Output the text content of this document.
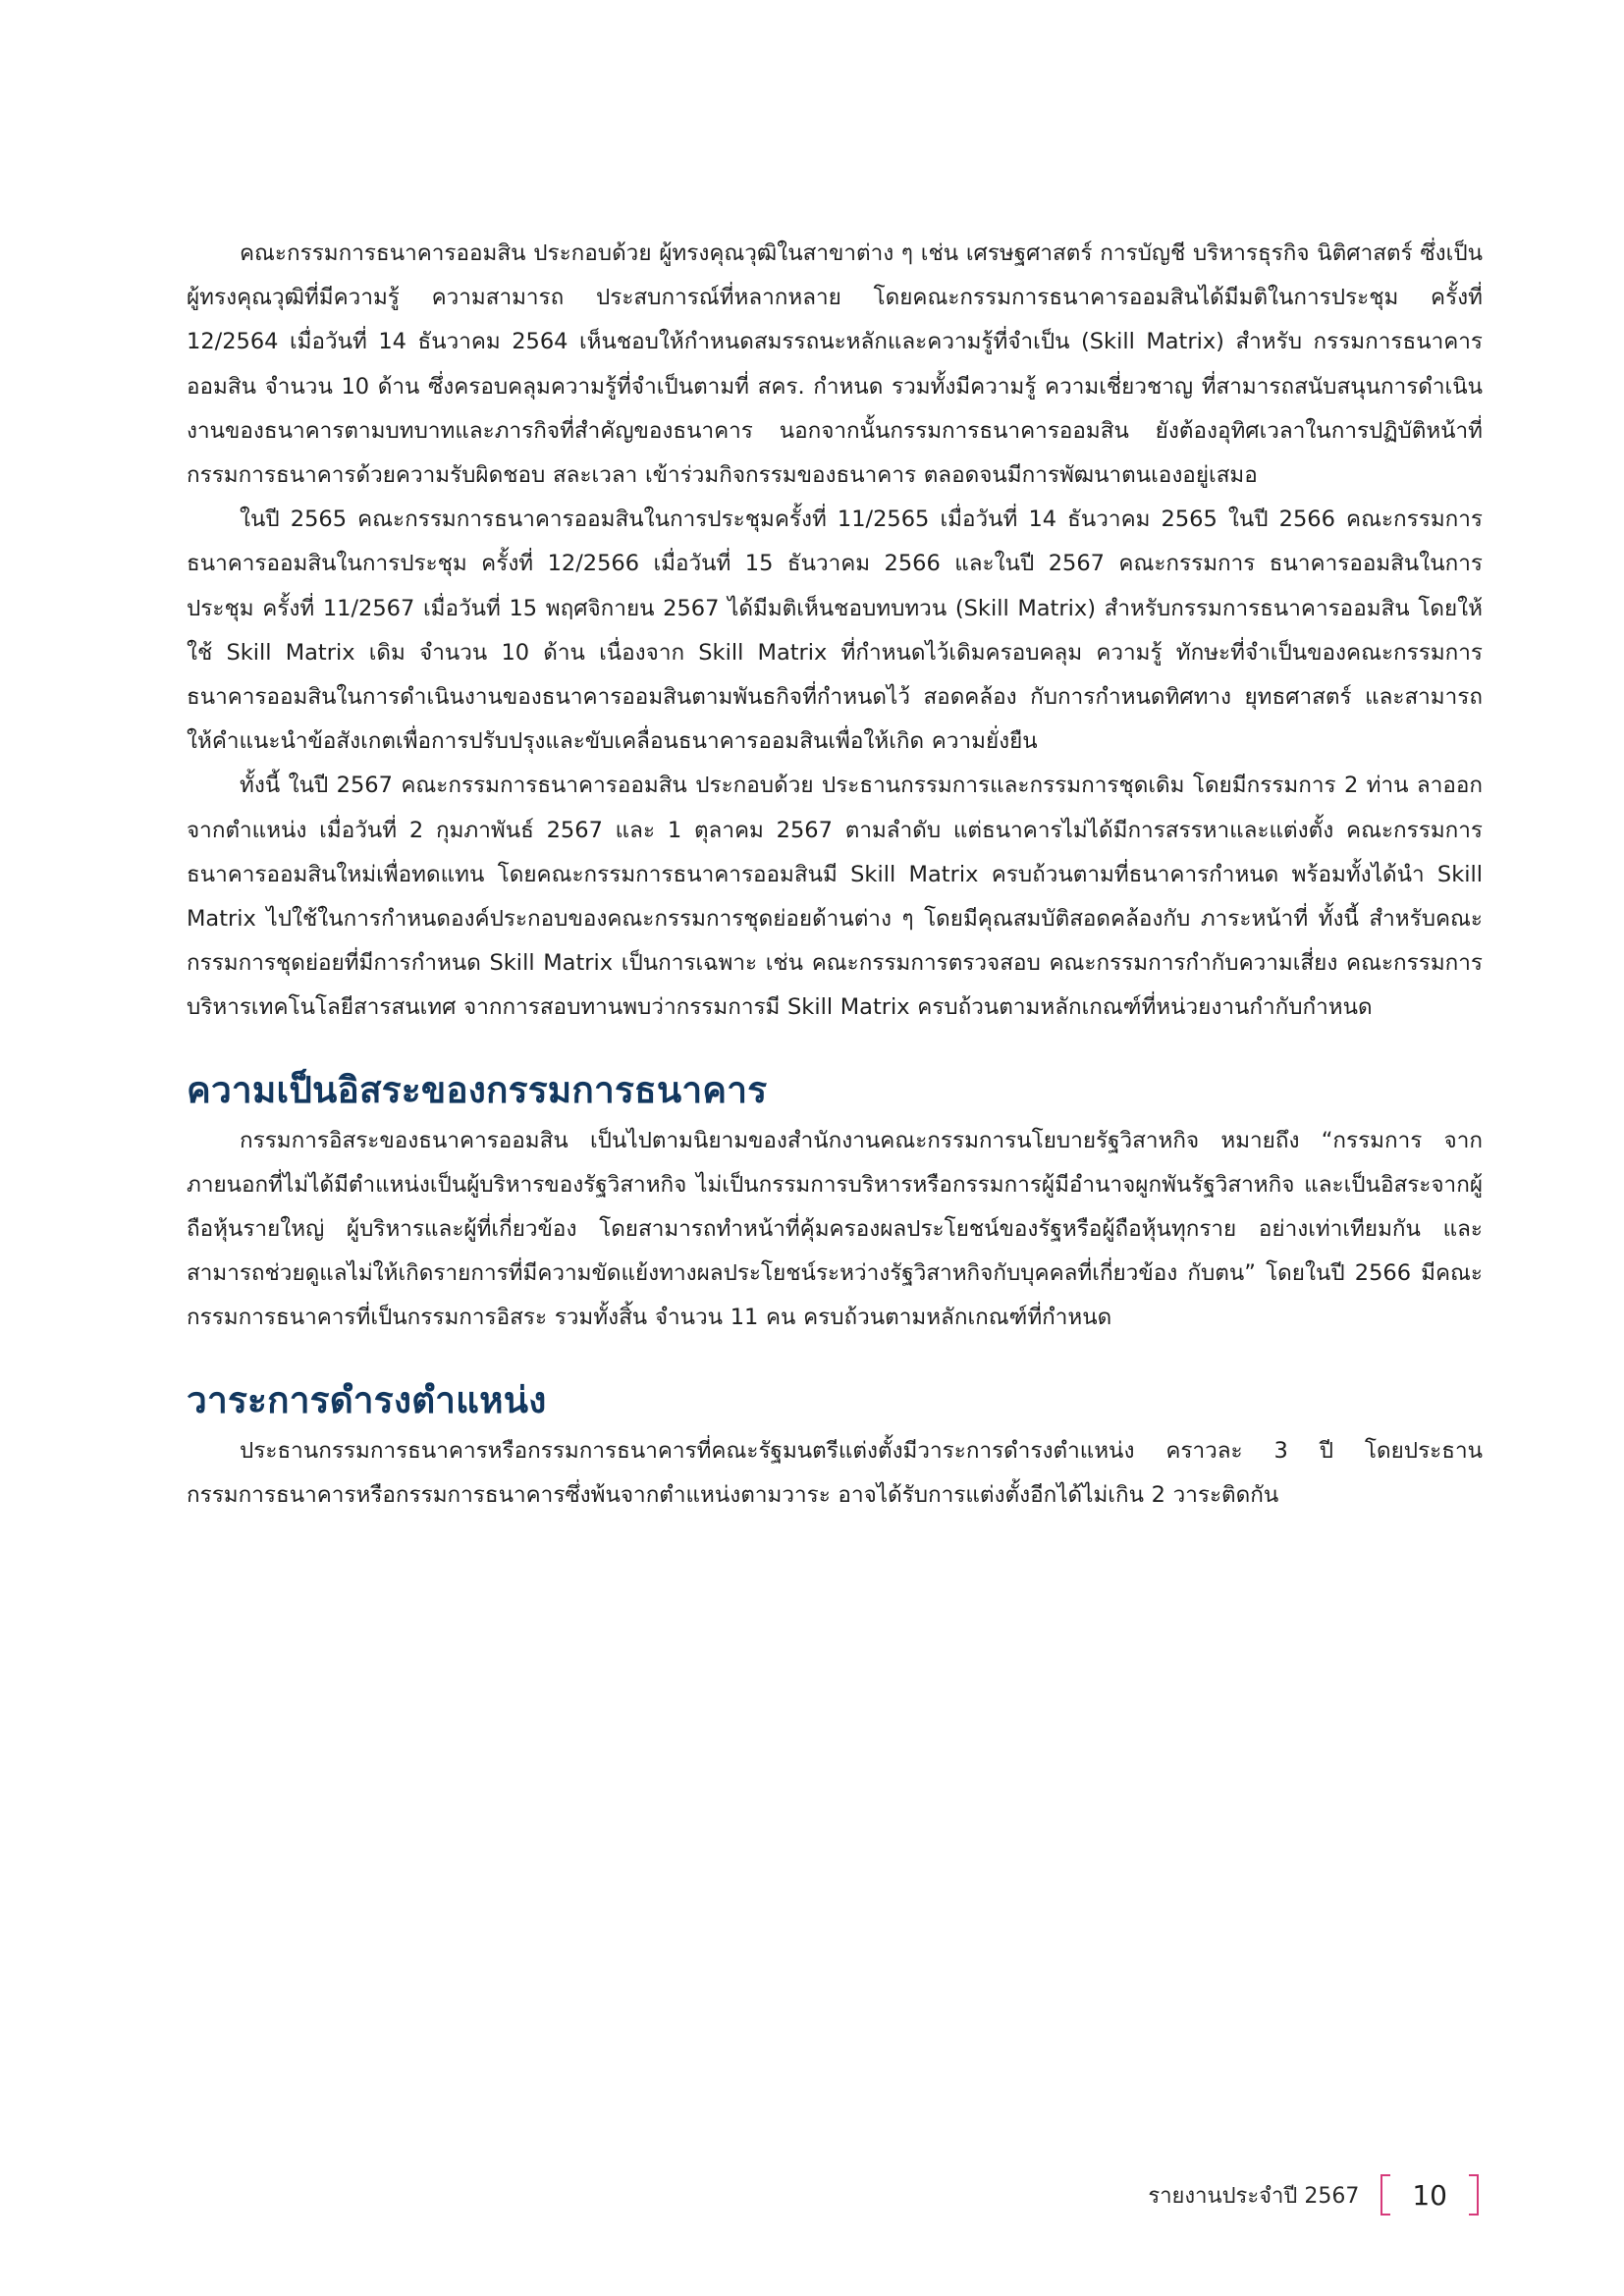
คณะกรรมการธนาคารออมสิน ประกอบด้วย ผู้ทรงคุณวุฒิในสาขาต่าง ๆ เช่น เศรษฐศาสตร์ การบัญชี บริหารธุรกิจ นิติศาสตร์ ซึ่งเป็นผู้ทรงคุณวุฒิที่มีความรู้ ความสามารถ ประสบการณ์ที่หลากหลาย โดยคณะกรรมการธนาคารออมสินได้มีมติในการประชุม ครั้งที่ 12/2564 เมื่อวันที่ 14 ธันวาคม 2564 เห็นชอบให้กำหนดสมรรถนะหลักและความรู้ที่จำเป็น (Skill Matrix) สำหรับ กรรมการธนาคารออมสิน จำนวน 10 ด้าน ซึ่งครอบคลุมความรู้ที่จำเป็นตามที่ สคร. กำหนด รวมทั้งมีความรู้ ความเชี่ยวชาญ ที่สามารถสนับสนุนการดำเนินงานของธนาคารตามบทบาทและภารกิจที่สำคัญของธนาคาร นอกจากนั้นกรรมการธนาคารออมสิน ยังต้องอุทิศเวลาในการปฏิบัติหน้าที่กรรมการธนาคารด้วยความรับผิดชอบ สละเวลา เข้าร่วมกิจกรรมของธนาคาร ตลอดจนมีการพัฒนาตนเองอยู่เสมอ

ในปี 2565 คณะกรรมการธนาคารออมสินในการประชุมครั้งที่ 11/2565 เมื่อวันที่ 14 ธันวาคม 2565 ในปี 2566 คณะกรรมการธนาคารออมสินในการประชุม ครั้งที่ 12/2566 เมื่อวันที่ 15 ธันวาคม 2566 และในปี 2567 คณะกรรมการ ธนาคารออมสินในการประชุม ครั้งที่ 11/2567 เมื่อวันที่ 15 พฤศจิกายน 2567 ได้มีมติเห็นชอบทบทวน (Skill Matrix) สำหรับกรรมการธนาคารออมสิน โดยให้ใช้ Skill Matrix เดิม จำนวน 10 ด้าน เนื่องจาก Skill Matrix ที่กำหนดไว้เดิมครอบคลุม ความรู้ ทักษะที่จำเป็นของคณะกรรมการธนาคารออมสินในการดำเนินงานของธนาคารออมสินตามพันธกิจที่กำหนดไว้ สอดคล้อง กับการกำหนดทิศทาง ยุทธศาสตร์ และสามารถให้คำแนะนำข้อสังเกตเพื่อการปรับปรุงและขับเคลื่อนธนาคารออมสินเพื่อให้เกิด ความยั่งยืน

ทั้งนี้ ในปี 2567 คณะกรรมการธนาคารออมสิน ประกอบด้วย ประธานกรรมการและกรรมการชุดเดิม โดยมีกรรมการ 2 ท่าน ลาออกจากตำแหน่ง เมื่อวันที่ 2 กุมภาพันธ์ 2567 และ 1 ตุลาคม 2567 ตามลำดับ แต่ธนาคารไม่ได้มีการสรรหาและแต่งตั้ง คณะกรรมการธนาคารออมสินใหม่เพื่อทดแทน โดยคณะกรรมการธนาคารออมสินมี Skill Matrix ครบถ้วนตามที่ธนาคารกำหนด พร้อมทั้งได้นำ Skill Matrix ไปใช้ในการกำหนดองค์ประกอบของคณะกรรมการชุดย่อยด้านต่าง ๆ โดยมีคุณสมบัติสอดคล้องกับ ภาระหน้าที่ ทั้งนี้ สำหรับคณะกรรมการชุดย่อยที่มีการกำหนด Skill Matrix เป็นการเฉพาะ เช่น คณะกรรมการตรวจสอบ คณะกรรมการกำกับความเสี่ยง คณะกรรมการบริหารเทคโนโลยีสารสนเทศ จากการสอบทานพบว่ากรรมการมี Skill Matrix ครบถ้วนตามหลักเกณฑ์ที่หน่วยงานกำกับกำหนด

ความเป็นอิสระของกรรมการธนาคาร

กรรมการอิสระของธนาคารออมสิน เป็นไปตามนิยามของสำนักงานคณะกรรมการนโยบายรัฐวิสาหกิจ หมายถึง “กรรมการ จากภายนอกที่ไม่ได้มีตำแหน่งเป็นผู้บริหารของรัฐวิสาหกิจ ไม่เป็นกรรมการบริหารหรือกรรมการผู้มีอำนาจผูกพันรัฐวิสาหกิจ และเป็นอิสระจากผู้ถือหุ้นรายใหญ่ ผู้บริหารและผู้ที่เกี่ยวข้อง โดยสามารถทำหน้าที่คุ้มครองผลประโยชน์ของรัฐหรือผู้ถือหุ้นทุกราย อย่างเท่าเทียมกัน และสามารถช่วยดูแลไม่ให้เกิดรายการที่มีความขัดแย้งทางผลประโยชน์ระหว่างรัฐวิสาหกิจกับบุคคลที่เกี่ยวข้อง กับตน” โดยในปี 2566 มีคณะกรรมการธนาคารที่เป็นกรรมการอิสระ รวมทั้งสิ้น จำนวน 11 คน ครบถ้วนตามหลักเกณฑ์ที่กำหนด

วาระการดำรงตำแหน่ง

ประธานกรรมการธนาคารหรือกรรมการธนาคารที่คณะรัฐมนตรีแต่งตั้งมีวาระการดำรงตำแหน่ง คราวละ 3 ปี โดยประธาน กรรมการธนาคารหรือกรรมการธนาคารซึ่งพ้นจากตำแหน่งตามวาระ อาจได้รับการแต่งตั้งอีกได้ไม่เกิน 2 วาระติดกัน

รายงานประจำปี 2567	10
